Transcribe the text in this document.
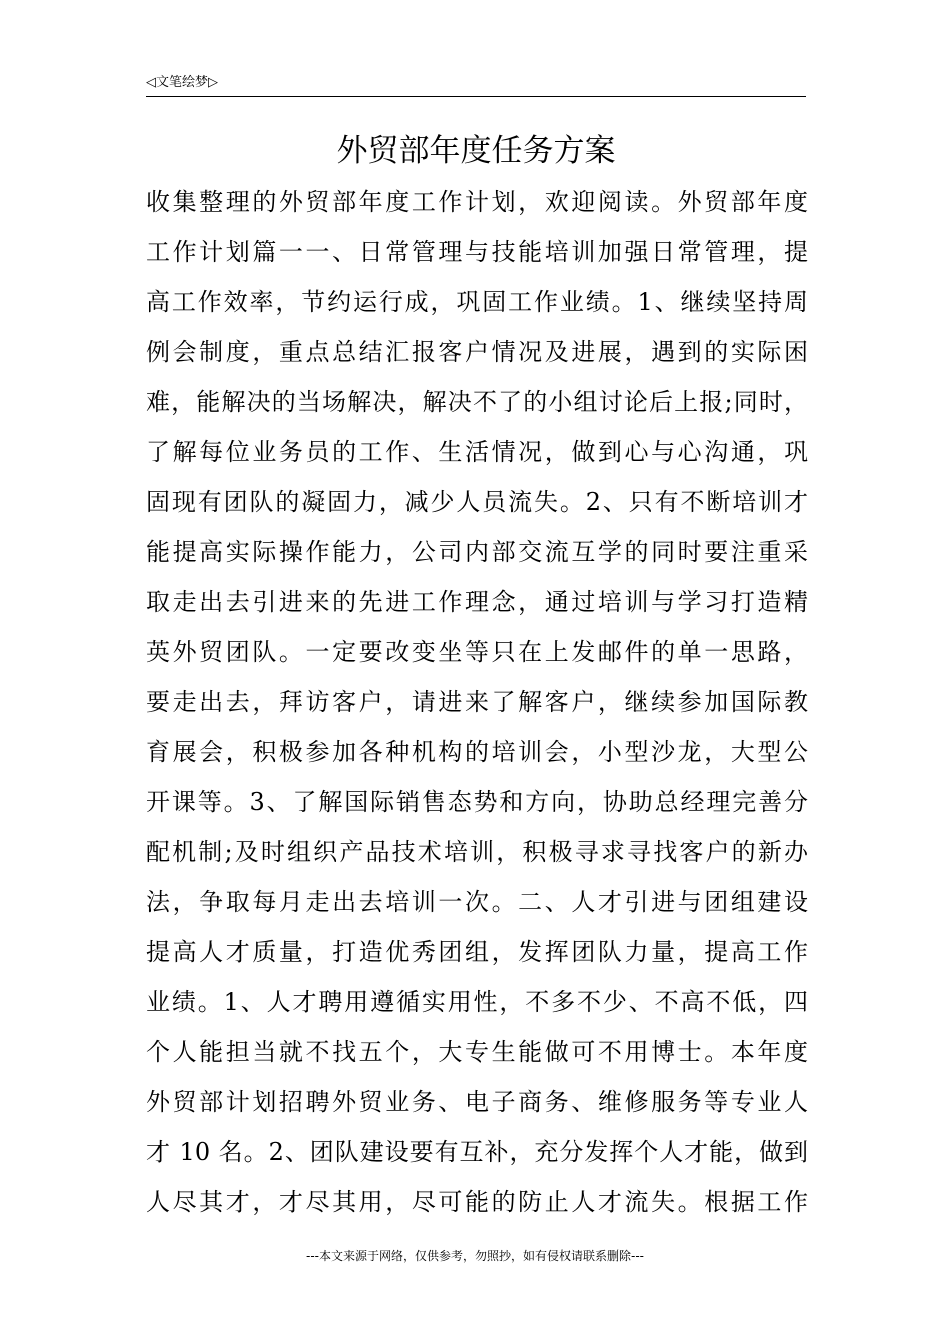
◁文笔绘梦▷
外贸部年度任务方案
收集整理的外贸部年度工作计划，欢迎阅读。外贸部年度
工作计划篇一一、日常管理与技能培训加强日常管理，提
高工作效率，节约运行成，巩固工作业绩。1、继续坚持周
例会制度，重点总结汇报客户情况及进展，遇到的实际困
难，能解决的当场解决，解决不了的小组讨论后上报;同时，
了解每位业务员的工作、生活情况，做到心与心沟通，巩
固现有团队的凝固力，减少人员流失。2、只有不断培训才
能提高实际操作能力，公司内部交流互学的同时要注重采
取走出去引进来的先进工作理念，通过培训与学习打造精
英外贸团队。一定要改变坐等只在上发邮件的单一思路，
要走出去，拜访客户，请进来了解客户，继续参加国际教
育展会，积极参加各种机构的培训会，小型沙龙，大型公
开课等。3、了解国际销售态势和方向，协助总经理完善分
配机制;及时组织产品技术培训，积极寻求寻找客户的新办
法，争取每月走出去培训一次。二、人才引进与团组建设
提高人才质量，打造优秀团组，发挥团队力量，提高工作
业绩。1、人才聘用遵循实用性，不多不少、不高不低，四
个人能担当就不找五个，大专生能做可不用博士。本年度
外贸部计划招聘外贸业务、电子商务、维修服务等专业人
才 10 名。2、团队建设要有互补，充分发挥个人才能，做到
人尽其才，才尽其用，尽可能的防止人才流失。根据工作
---本文来源于网络，仅供参考，勿照抄，如有侵权请联系删除---
